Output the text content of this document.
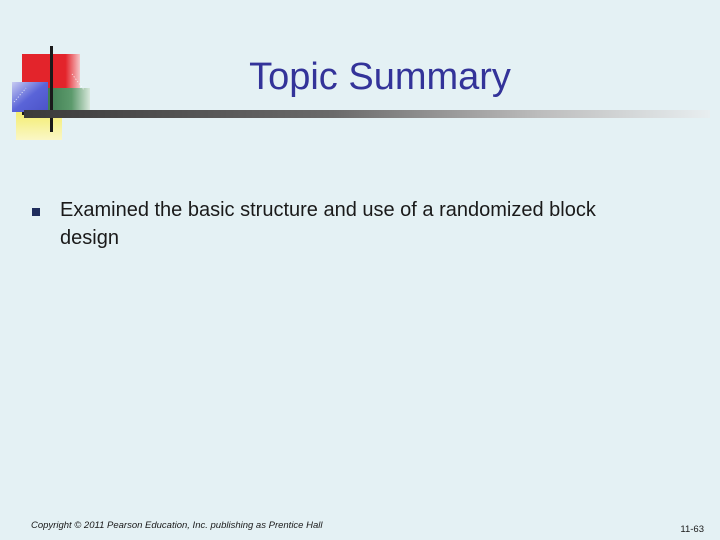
Topic Summary
Examined the basic structure and use of a randomized block design
Copyright © 2011 Pearson Education, Inc. publishing as Prentice Hall	11-63
